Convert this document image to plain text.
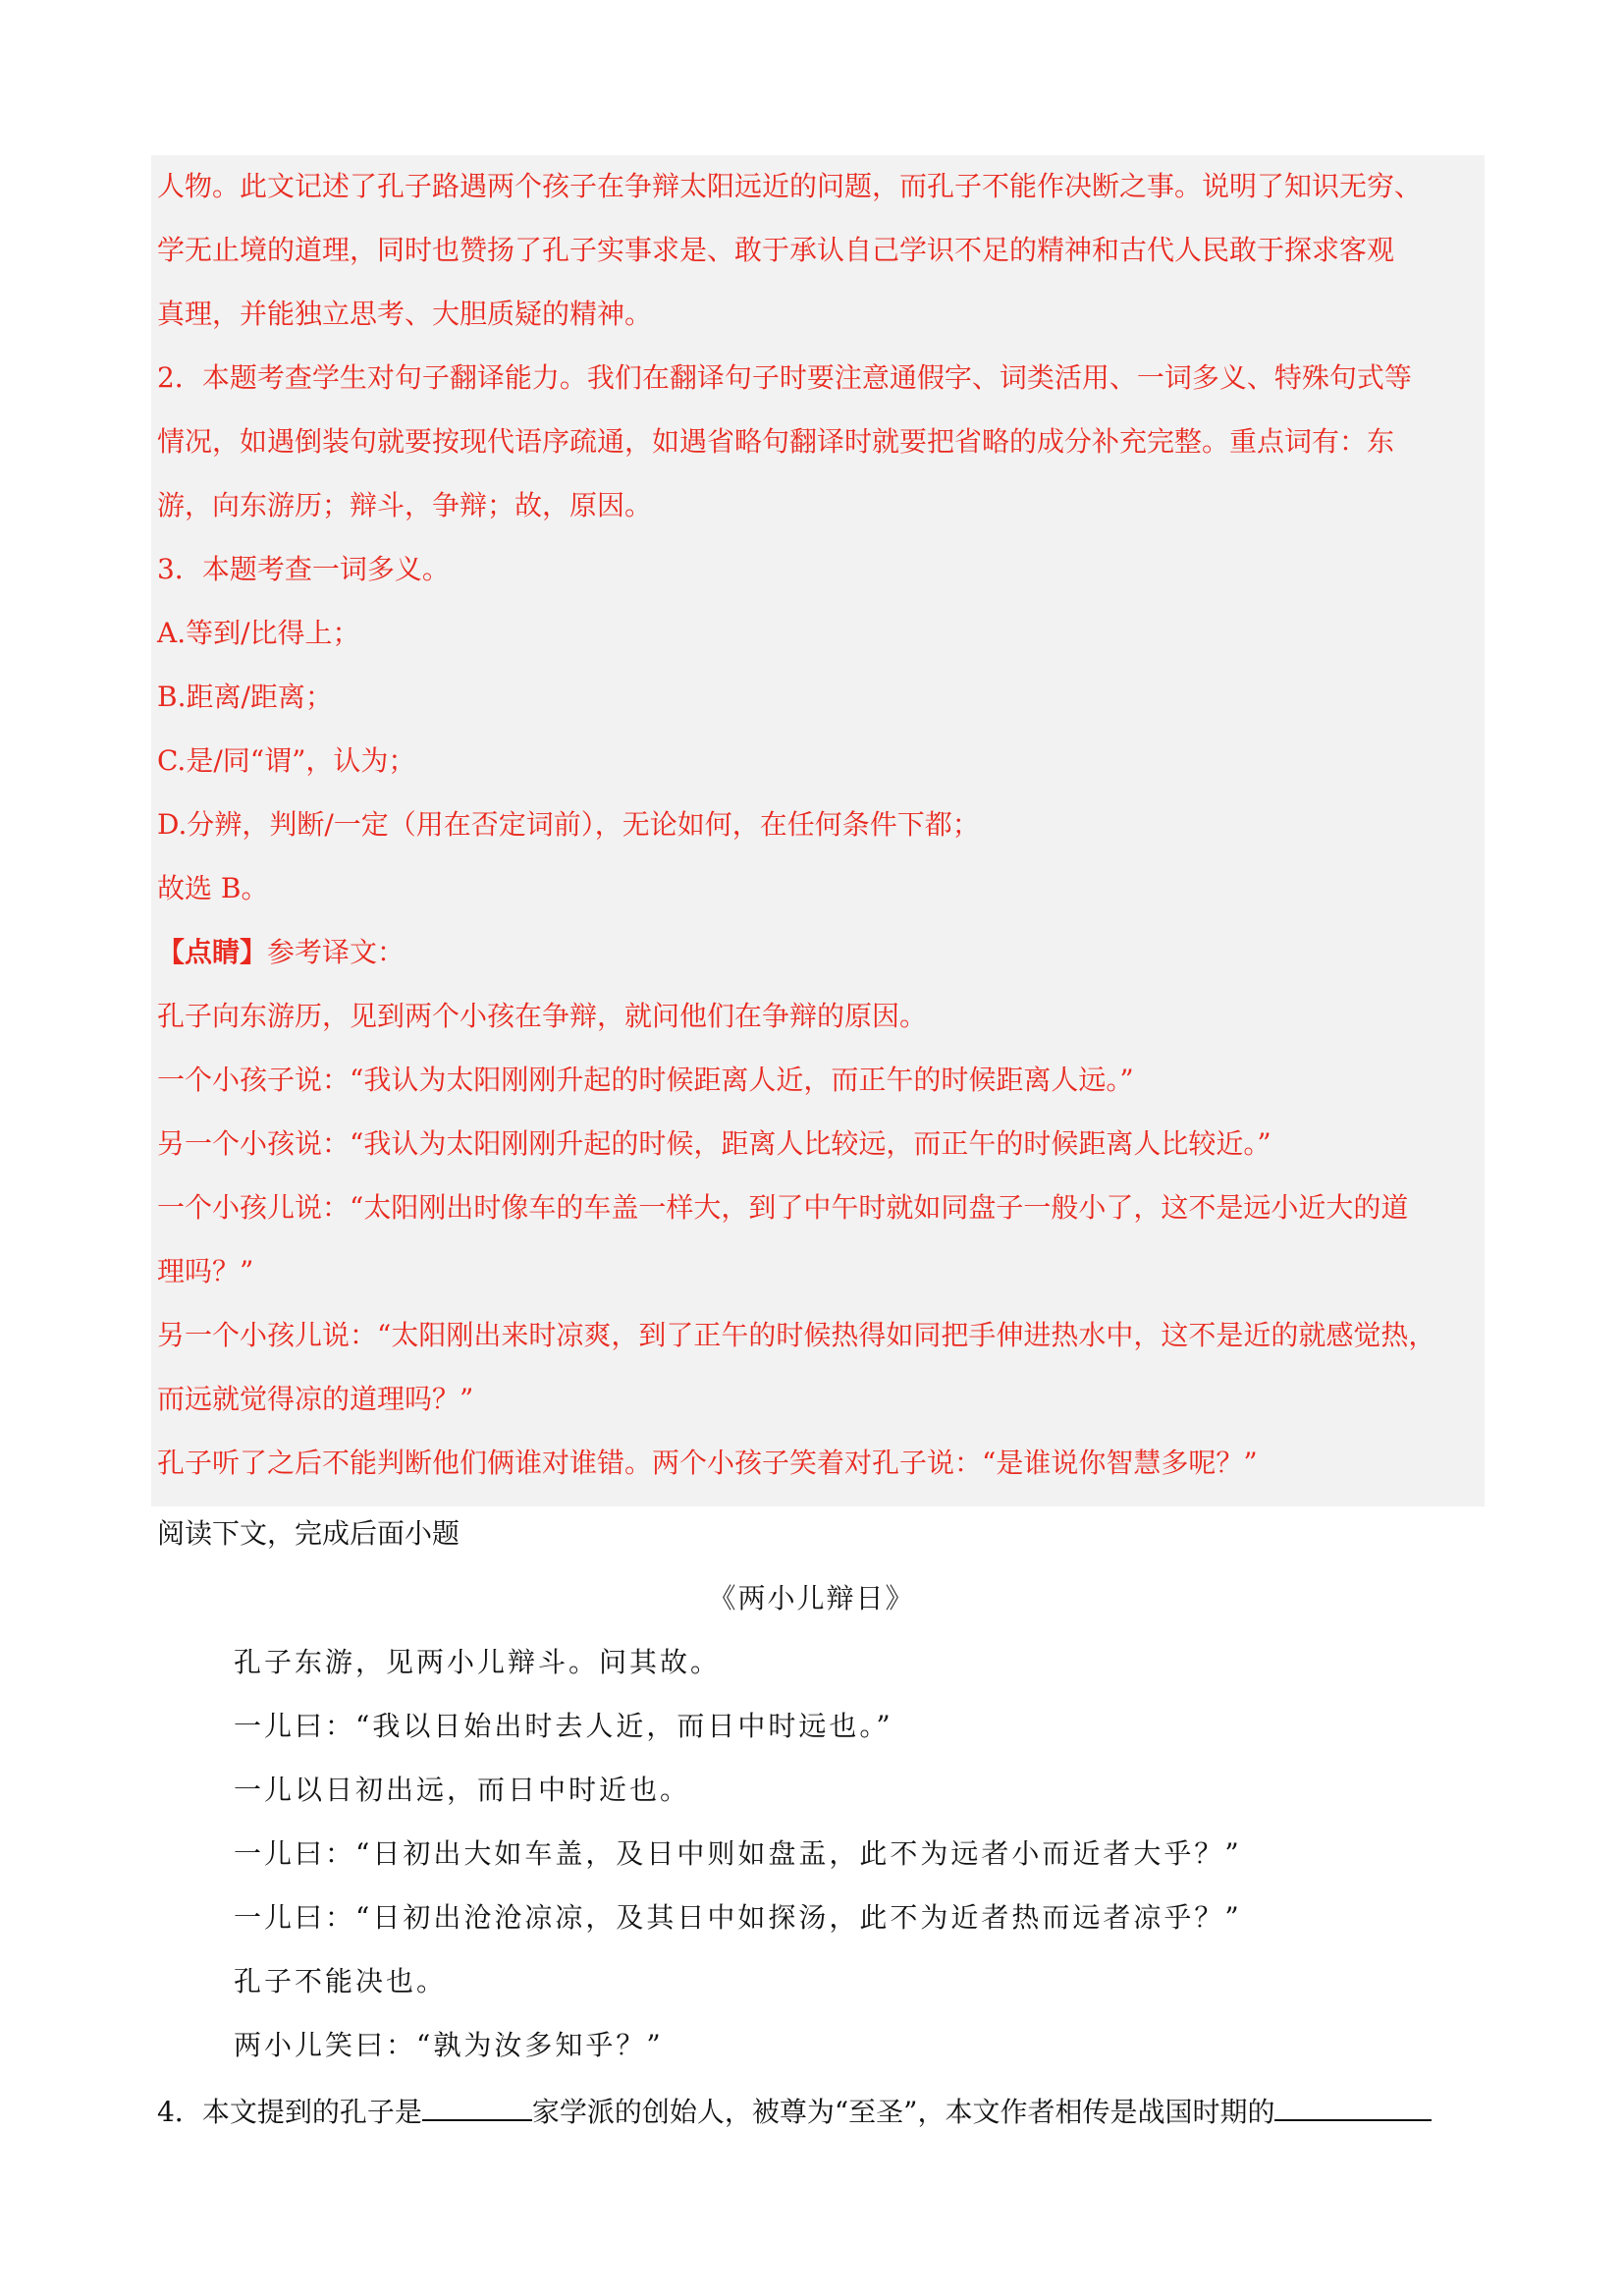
人物。此文记述了孔子路遇两个孩子在争辩太阳远近的问题，而孔子不能作决断之事。说明了知识无穷、

学无止境的道理，同时也赞扬了孔子实事求是、敢于承认自己学识不足的精神和古代人民敢于探求客观

真理，并能独立思考、大胆质疑的精神。

2．本题考查学生对句子翻译能力。我们在翻译句子时要注意通假字、词类活用、一词多义、特殊句式等

情况，如遇倒装句就要按现代语序疏通，如遇省略句翻译时就要把省略的成分补充完整。重点词有：东

游，向东游历；辩斗，争辩；故，原因。

3．本题考查一词多义。

A.等到/比得上；

B.距离/距离；

C.是/同“谓”，认为；

D.分辨，判断/一定（用在否定词前），无论如何，在任何条件下都；

故选 B。

【点睛】参考译文：

孔子向东游历，见到两个小孩在争辩，就问他们在争辩的原因。

一个小孩子说：“我认为太阳刚刚升起的时候距离人近，而正午的时候距离人远。”

另一个小孩说：“我认为太阳刚刚升起的时候，距离人比较远，而正午的时候距离人比较近。”

一个小孩儿说：“太阳刚出时像车的车盖一样大，到了中午时就如同盘子一般小了，这不是远小近大的道

理吗？”

另一个小孩儿说：“太阳刚出来时凉爽，到了正午的时候热得如同把手伸进热水中，这不是近的就感觉热，

而远就觉得凉的道理吗？”

孔子听了之后不能判断他们俩谁对谁错。两个小孩子笑着对孔子说：“是谁说你智慧多呢？”

阅读下文，完成后面小题

《两小儿辩日》

孔子东游，见两小儿辩斗。问其故。

一儿曰：“我以日始出时去人近，而日中时远也。”

一儿以日初出远，而日中时近也。

一儿曰：“日初出大如车盖，及日中则如盘盂，此不为远者小而近者大乎？”

一儿曰：“日初出沧沧凉凉，及其日中如探汤，此不为近者热而远者凉乎？”

孔子不能决也。

两小儿笑曰：“孰为汝多知乎？”

4．本文提到的孔子是	家学派的创始人，被尊为“至圣”，本文作者相传是战国时期的
